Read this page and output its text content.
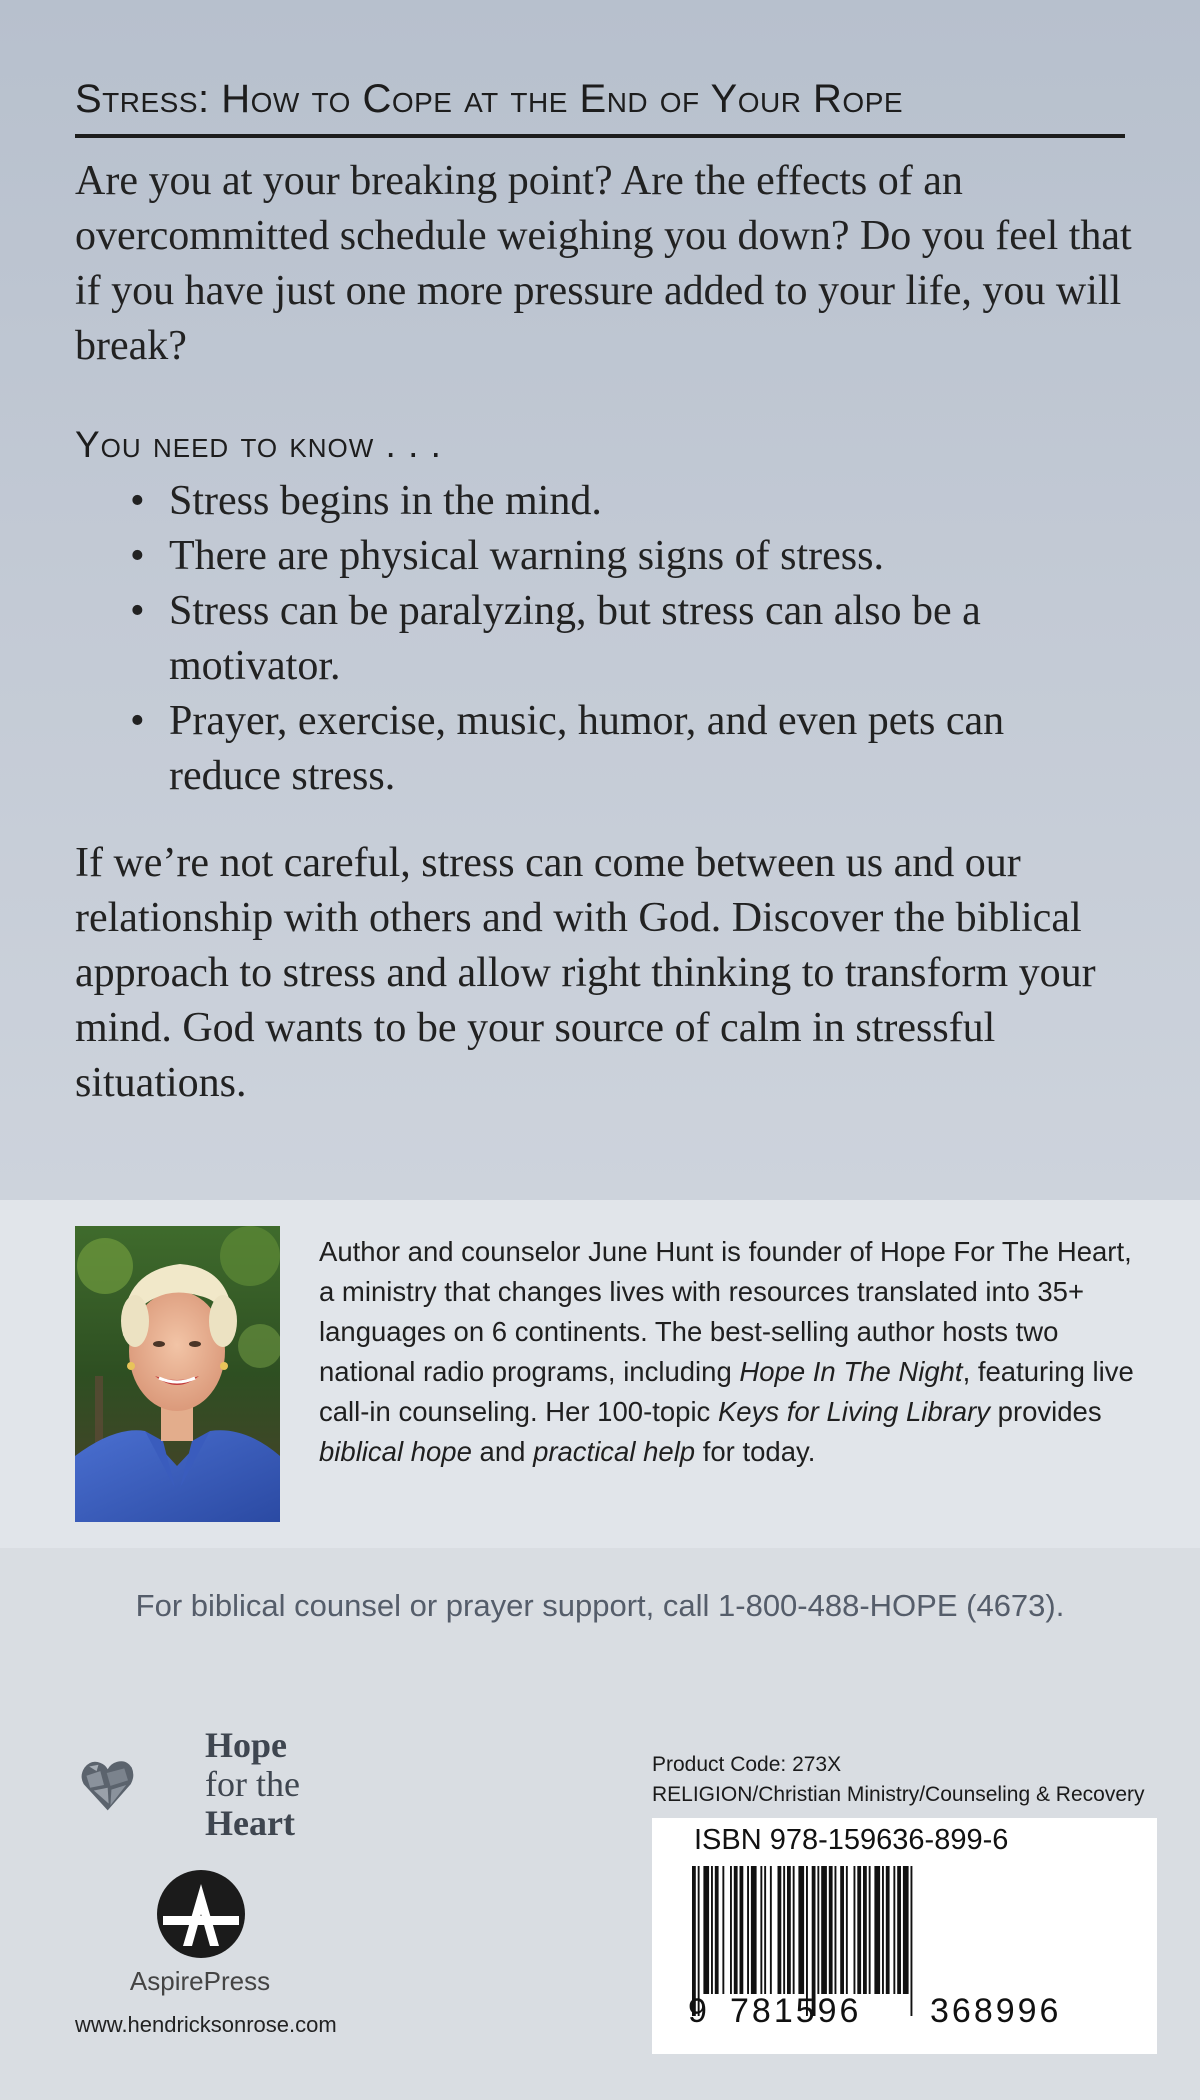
Stress: How to Cope at the End of Your Rope

Are you at your breaking point? Are the effects of an overcommitted schedule weighing you down? Do you feel that if you have just one more pressure added to your life, you will break?

You need to know . . .
• Stress begins in the mind.
• There are physical warning signs of stress.
• Stress can be paralyzing, but stress can also be a motivator.
• Prayer, exercise, music, humor, and even pets can reduce stress.

If we’re not careful, stress can come between us and our relationship with others and with God. Discover the biblical approach to stress and allow right thinking to transform your mind. God wants to be your source of calm in stressful situations.

Author and counselor June Hunt is founder of Hope For The Heart, a ministry that changes lives with resources translated into 35+ languages on 6 continents. The best-selling author hosts two national radio programs, including Hope In The Night, featuring live call-in counseling. Her 100-topic Keys for Living Library provides biblical hope and practical help for today.

For biblical counsel or prayer support, call 1-800-488-HOPE (4673).
Hope
for the
Heart
AspirePress
www.hendricksonrose.com
Product Code: 273X
RELIGION/Christian Ministry/Counseling & Recovery
ISBN 978-159636-899-6
9 781596 368996
